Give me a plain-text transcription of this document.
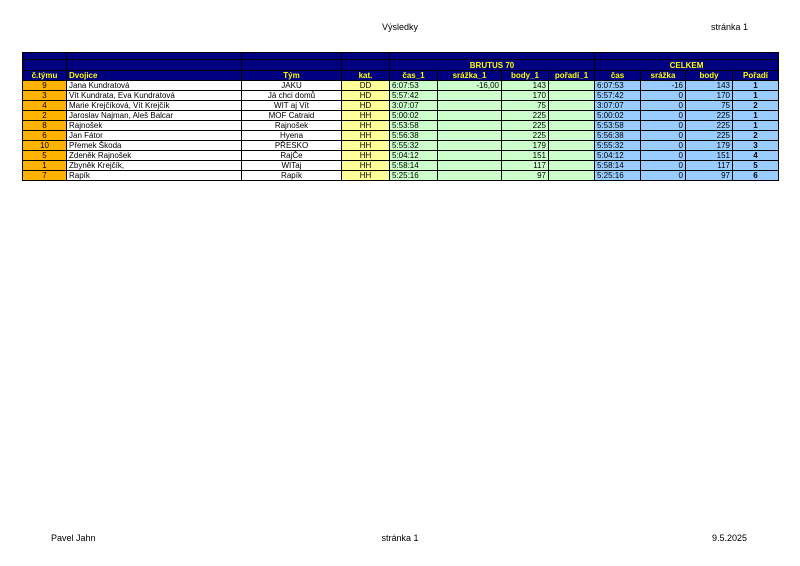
Výsledky	stránka 1

				BRUTUS 70				CELKEM			
č.týmu	Dvojice	Tým	kat.	čas_1	srážka_1	body_1	pořadí_1	čas	srážka	body	Pořadí
9	Jana Kundratová	JAKU	DD	6:07:53	-16,00	143		6:07:53	-16	143	1
3	Vít Kundrata, Eva Kundratová	Já chci domů	HD	5:57:42		170		5:57:42	0	170	1
4	Marie Krejčíková, Vít Krejčík	WIT aj Vít	HD	3:07:07		75		3:07:07	0	75	2
2	Jaroslav Najman, Aleš Balcar	MOF Catraid	HH	5:00:02		225		5:00:02	0	225	1
8	Rajnošek	Rajnošek	HH	5:53:58		225		5:53:58	0	225	1
6	Jan Fátor	Hyena	HH	5:56:38		225		5:56:38	0	225	2
10	Přemek Škoda	PŘESKO	HH	5:55:32		179		5:55:32	0	179	3
5	Zdeněk Rajnošek	RajČe	HH	5:04:12		151		5:04:12	0	151	4
1	Zbyněk Krejčík,	WITaj	HH	5:58:14		117		5:58:14	0	117	5
7	Rapík	Rapík	HH	5:25:16		97		5:25:16	0	97	6
Pavel Jahn	stránka 1	9.5.2025
